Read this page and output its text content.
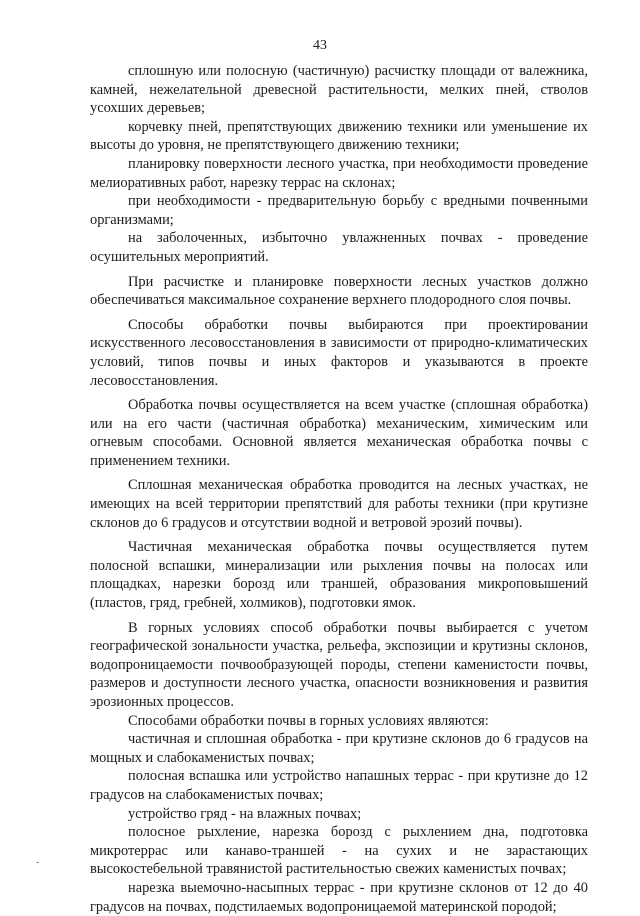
43

сплошную или полосную (частичную) расчистку площади от валежника, камней, нежелательной древесной растительности, мелких пней, стволов усохших деревьев;

корчевку пней, препятствующих движению техники или уменьшение их высоты до уровня, не препятствующего движению техники;

планировку поверхности лесного участка, при необходимости проведение мелиоративных работ, нарезку террас на склонах;

при необходимости - предварительную борьбу с вредными почвенными организмами;

на заболоченных, избыточно увлажненных почвах - проведение осушительных мероприятий.

При расчистке и планировке поверхности лесных участков должно обеспечиваться максимальное сохранение верхнего плодородного слоя почвы.

Способы обработки почвы выбираются при проектировании искусственного лесовосстановления в зависимости от природно-климатических условий, типов почвы и иных факторов и указываются в проекте лесовосстановления.

Обработка почвы осуществляется на всем участке (сплошная обработка) или на его части (частичная обработка) механическим, химическим или огневым способами. Основной является механическая обработка почвы с применением техники.

Сплошная механическая обработка проводится на лесных участках, не имеющих на всей территории препятствий для работы техники (при крутизне склонов до 6 градусов и отсутствии водной и ветровой эрозий почвы).

Частичная механическая обработка почвы осуществляется путем полосной вспашки, минерализации или рыхления почвы на полосах или площадках, нарезки борозд или траншей, образования микроповышений (пластов, гряд, гребней, холмиков), подготовки ямок.

В горных условиях способ обработки почвы выбирается с учетом географической зональности участка, рельефа, экспозиции и крутизны склонов, водопроницаемости почвообразующей породы, степени каменистости почвы, размеров и доступности лесного участка, опасности возникновения и развития эрозионных процессов.

Способами обработки почвы в горных условиях являются:

частичная и сплошная обработка - при крутизне склонов до 6 градусов на мощных и слабокаменистых почвах;

полосная вспашка или устройство напашных террас - при крутизне до 12 градусов на слабокаменистых почвах;

устройство гряд - на влажных почвах;

полосное рыхление, нарезка борозд с рыхлением дна, подготовка микротеррас или канаво-траншей - на сухих и не зарастающих высокостебельной травянистой растительностью свежих каменистых почвах;

нарезка выемочно-насыпных террас - при крутизне склонов от 12 до 40 градусов на почвах, подстилаемых водопроницаемой материнской породой;
